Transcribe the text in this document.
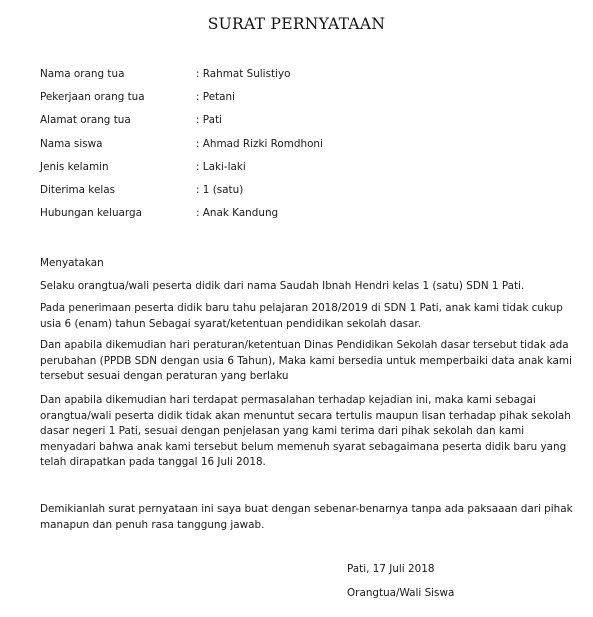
SURAT PERNYATAAN
Nama orang tua	: Rahmat Sulistiyo
Pekerjaan orang tua	: Petani
Alamat orang tua	: Pati
Nama siswa	: Ahmad Rizki Romdhoni
Jenis kelamin	: Laki-laki
Diterima kelas	: 1 (satu)
Hubungan keluarga	: Anak Kandung

Menyatakan

Selaku orangtua/wali peserta didik dari nama Saudah Ibnah Hendri kelas 1 (satu) SDN 1 Pati.

Pada penerimaan peserta didik baru tahu pelajaran 2018/2019 di SDN 1 Pati, anak kami tidak cukup usia 6 (enam) tahun Sebagai syarat/ketentuan pendidikan sekolah dasar.

Dan apabila dikemudian hari peraturan/ketentuan Dinas Pendidikan Sekolah dasar tersebut tidak ada perubahan (PPDB SDN dengan usia 6 Tahun), Maka kami bersedia untuk memperbaiki data anak kami tersebut sesuai dengan peraturan yang berlaku

Dan apabila dikemudian hari terdapat permasalahan terhadap kejadian ini, maka kami sebagai orangtua/wali peserta didik tidak akan menuntut secara tertulis maupun lisan terhadap pihak sekolah dasar negeri 1 Pati, sesuai dengan penjelasan yang kami terima dari pihak sekolah dan kami menyadari bahwa anak kami tersebut belum memenuh syarat sebagaimana peserta didik baru yang telah dirapatkan pada tanggal 16 Juli 2018.

Demikianlah surat pernyataan ini saya buat dengan sebenar-benarnya tanpa ada paksaaan dari pihak manapun dan penuh rasa tanggung jawab.

Pati, 17 Juli 2018
Orangtua/Wali Siswa
